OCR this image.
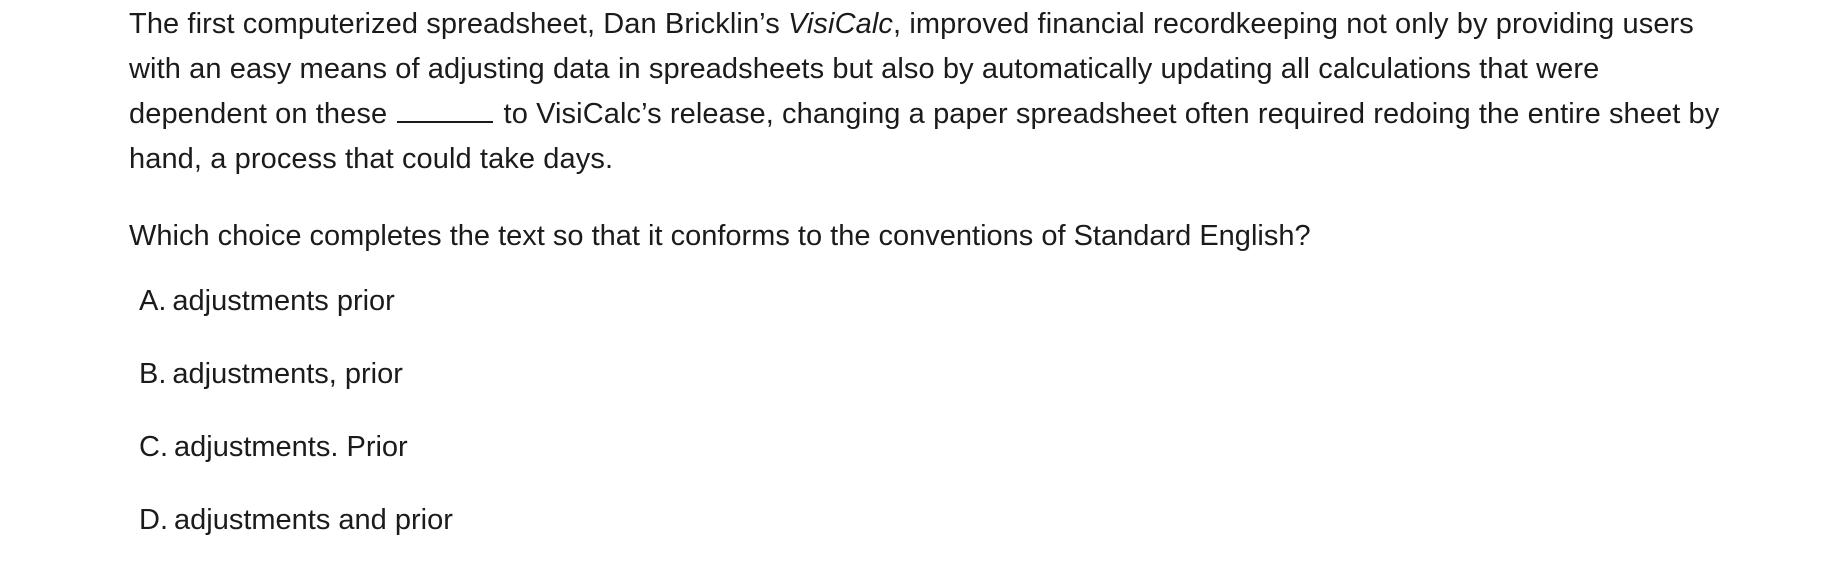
The first computerized spreadsheet, Dan Bricklin’s VisiCalc, improved financial recordkeeping not only by providing users with an easy means of adjusting data in spreadsheets but also by automatically updating all calculations that were dependent on these	to VisiCalc’s release, changing a paper spreadsheet often required redoing the entire sheet by hand, a process that could take days.

Which choice completes the text so that it conforms to the conventions of Standard English?

A. adjustments prior
B. adjustments, prior
C. adjustments. Prior
D. adjustments and prior
